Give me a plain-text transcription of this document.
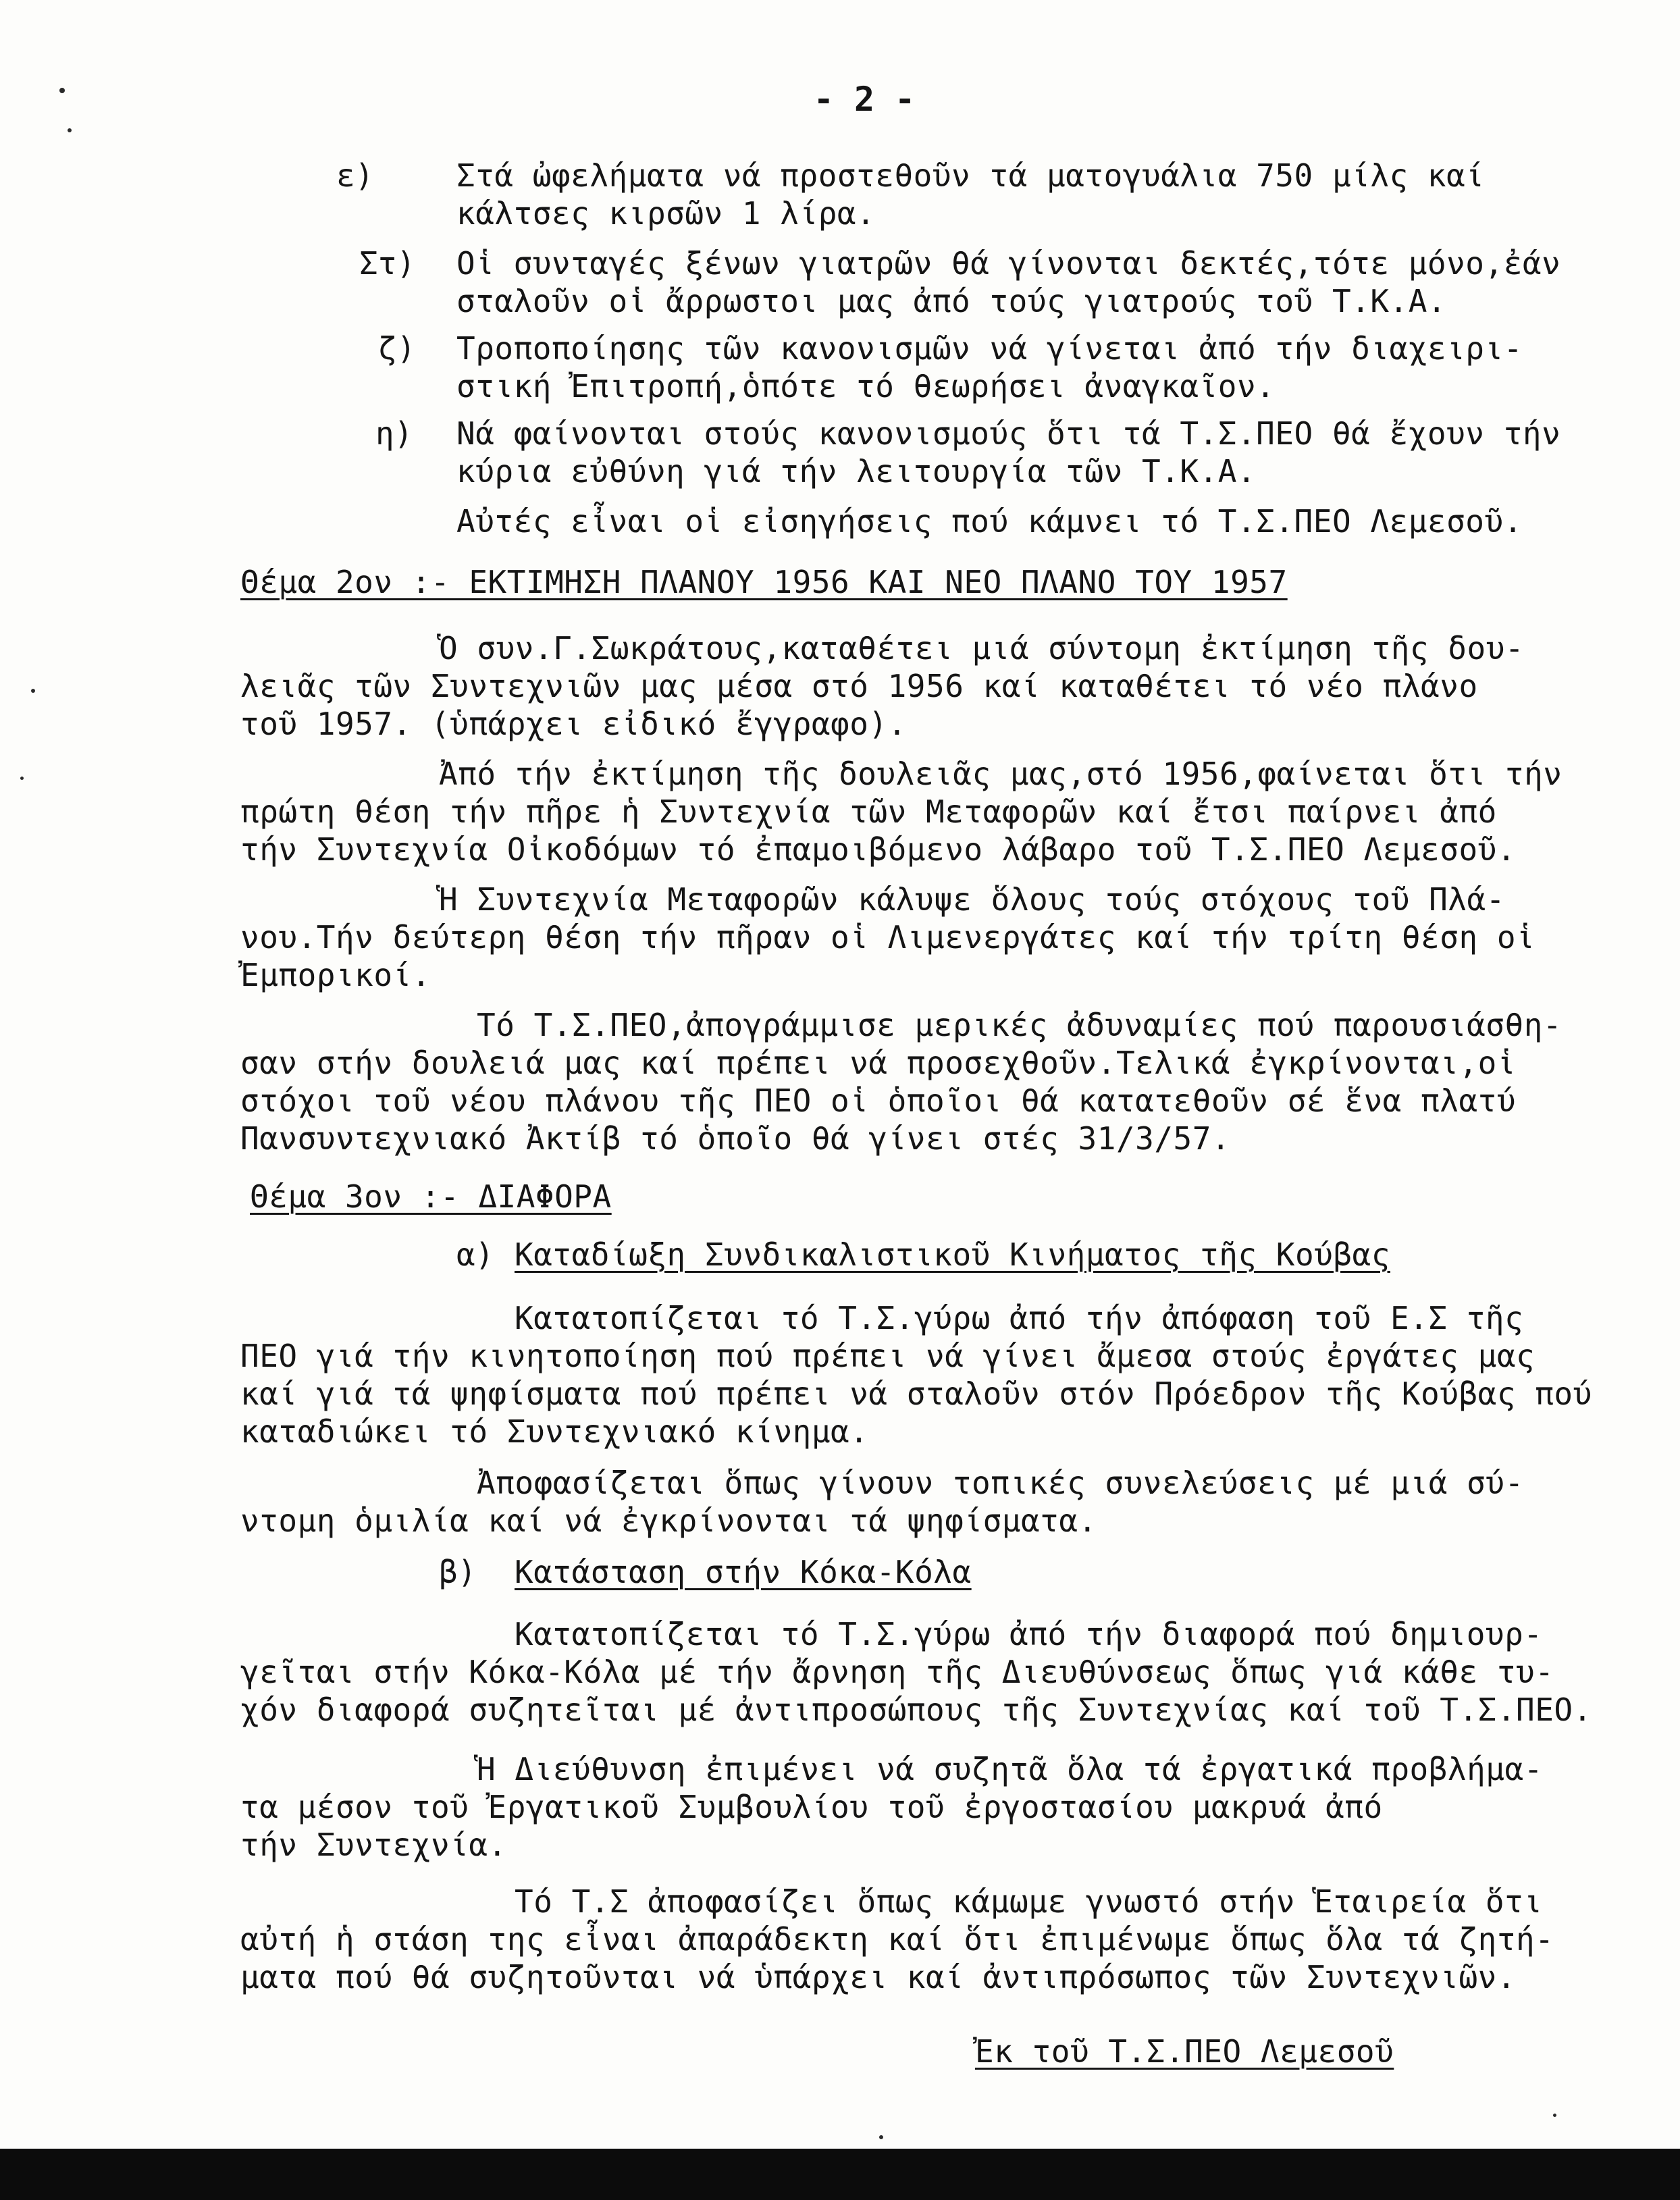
- 2 -
ε)	Στά ὠφελήματα νά προστεθοῦν τά ματογυάλια 750 μίλς καί
κάλτσες κιρσῶν 1 λίρα.
Στ) Οἱ συνταγές ξένων γιατρῶν θά γίνονται δεκτές,τότε μόνο,ἐάν
σταλοῦν οἱ ἄρρωστοι μας ἀπό τούς γιατρούς τοῦ Τ.Κ.Α.
ζ) Τροποποίησης τῶν κανονισμῶν νά γίνεται ἀπό τήν διαχειρι-
στική Ἐπιτροπή,ὁπότε τό θεωρήσει ἀναγκαῖον.
η) Νά φαίνονται στούς κανονισμούς ὅτι τά Τ.Σ.ΠΕΟ θά ἔχουν τήν
κύρια εὐθύνη γιά τήν λειτουργία τῶν Τ.Κ.Α.
Αὐτές εἶναι οἱ εἰσηγήσεις πού κάμνει τό Τ.Σ.ΠΕΟ Λεμεσοῦ.
Θέμα 2ον :- ΕΚΤΙΜΗΣΗ ΠΛΑΝΟΥ 1956 ΚΑΙ ΝΕΟ ΠΛΑΝΟ ΤΟΥ 1957
Ὁ συν.Γ.Σωκράτους,καταθέτει μιά σύντομη ἐκτίμηση τῆς δου-
λειᾶς τῶν Συντεχνιῶν μας μέσα στό 1956 καί καταθέτει τό νέο πλάνο
τοῦ 1957. (ὑπάρχει εἰδικό ἔγγραφο).
Ἀπό τήν ἐκτίμηση τῆς δουλειᾶς μας,στό 1956,φαίνεται ὅτι τήν
πρώτη θέση τήν πῆρε ἡ Συντεχνία τῶν Μεταφορῶν καί ἔτσι παίρνει ἀπό
τήν Συντεχνία Οἰκοδόμων τό ἐπαμοιβόμενο λάβαρο τοῦ Τ.Σ.ΠΕΟ Λεμεσοῦ.
Ἡ Συντεχνία Μεταφορῶν κάλυψε ὅλους τούς στόχους τοῦ Πλά-
νου.Τήν δεύτερη θέση τήν πῆραν οἱ Λιμενεργάτες καί τήν τρίτη θέση οἱ
Ἐμπορικοί.
Τό Τ.Σ.ΠΕΟ,ἀπογράμμισε μερικές ἀδυναμίες πού παρουσιάσθη-
σαν στήν δουλειά μας καί πρέπει νά προσεχθοῦν.Τελικά ἐγκρίνονται,οἱ
στόχοι τοῦ νέου πλάνου τῆς ΠΕΟ οἱ ὁποῖοι θά κατατεθοῦν σέ ἕνα πλατύ
Πανσυντεχνιακό Ἀκτίβ τό ὁποῖο θά γίνει στές 31/3/57.
Θέμα 3ον :- ΔΙΑΦΟΡΑ
α) Καταδίωξη Συνδικαλιστικοῦ Κινήματος τῆς Κούβας
Κατατοπίζεται τό Τ.Σ.γύρω ἀπό τήν ἀπόφαση τοῦ Ε.Σ τῆς
ΠΕΟ γιά τήν κινητοποίηση πού πρέπει νά γίνει ἄμεσα στούς ἐργάτες μας
καί γιά τά ψηφίσματα πού πρέπει νά σταλοῦν στόν Πρόεδρον τῆς Κούβας πού
καταδιώκει τό Συντεχνιακό κίνημα.
Ἀποφασίζεται ὅπως γίνουν τοπικές συνελεύσεις μέ μιά σύ-
ντομη ὁμιλία καί νά ἐγκρίνονται τά ψηφίσματα.
β) Κατάσταση στήν Κόκα-Κόλα
Κατατοπίζεται τό Τ.Σ.γύρω ἀπό τήν διαφορά πού δημιουρ-
γεῖται στήν Κόκα-Κόλα μέ τήν ἄρνηση τῆς Διευθύνσεως ὅπως γιά κάθε τυ-
χόν διαφορά συζητεῖται μέ ἀντιπροσώπους τῆς Συντεχνίας καί τοῦ Τ.Σ.ΠΕΟ.
Ἡ Διεύθυνση ἐπιμένει νά συζητᾶ ὅλα τά ἐργατικά προβλήμα-
τα μέσον τοῦ Ἐργατικοῦ Συμβουλίου τοῦ ἐργοστασίου μακρυά ἀπό
τήν Συντεχνία.
Τό Τ.Σ ἀποφασίζει ὅπως κάμωμε γνωστό στήν Ἑταιρεία ὅτι
αὐτή ἡ στάση της εἶναι ἀπαράδεκτη καί ὅτι ἐπιμένωμε ὅπως ὅλα τά ζητή-
ματα πού θά συζητοῦνται νά ὑπάρχει καί ἀντιπρόσωπος τῶν Συντεχνιῶν.
Ἐκ τοῦ Τ.Σ.ΠΕΟ Λεμεσοῦ
